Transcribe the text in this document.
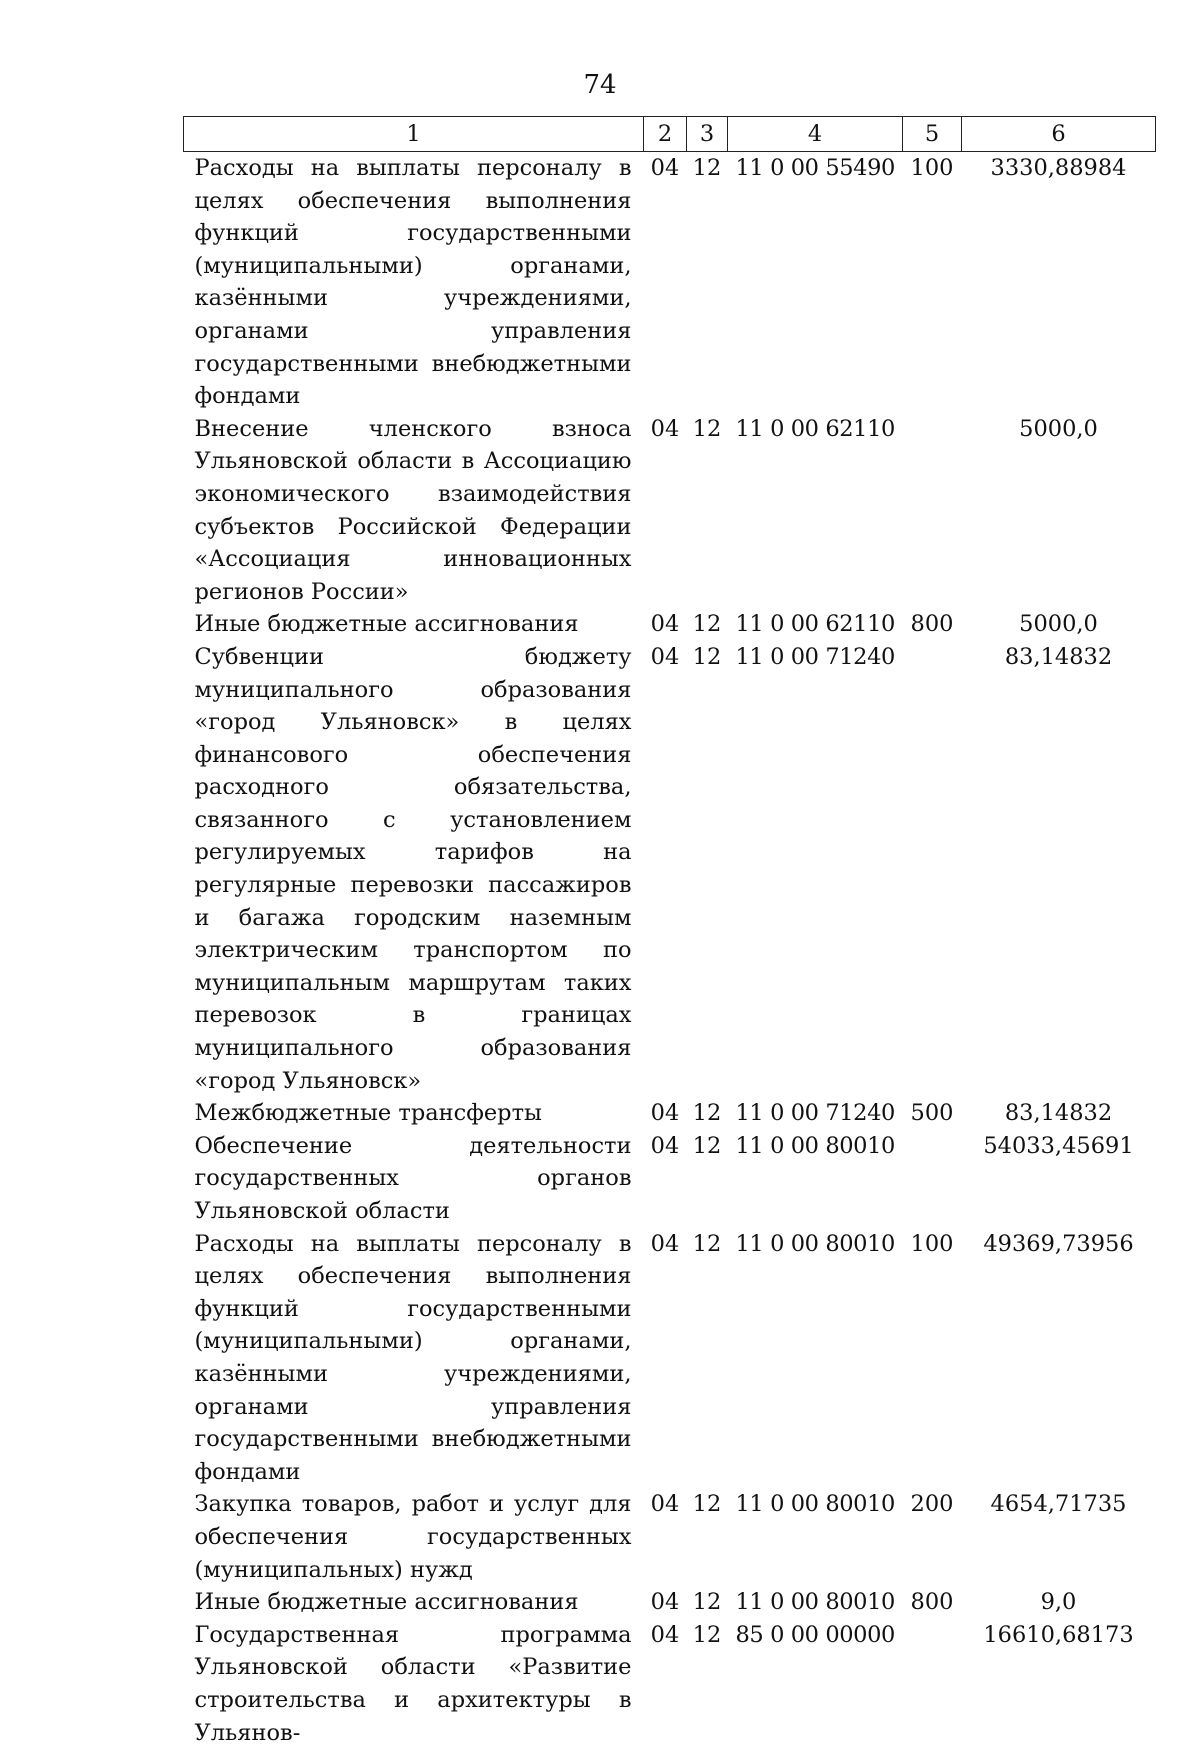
74
1	2	3	4	5	6
Расходы на выплаты персоналу в целях обеспечения выполнения функций государственными (муниципальными) органами, казёнными учреждениями, органами управления государственными внебюджетными фондами	04	12	11 0 00 55490	100	3330,88984
Внесение членского взноса Ульяновской области в Ассоциацию экономического взаимодействия субъектов Российской Федерации «Ассоциация инновационных регионов России»	04	12	11 0 00 62110		5000,0
Иные бюджетные ассигнования	04	12	11 0 00 62110	800	5000,0
Субвенции бюджету муниципального образования «город Ульяновск» в целях финансового обеспечения расходного обязательства, связанного с установлением регулируемых тарифов на регулярные перевозки пассажиров и багажа городским наземным электрическим транспортом по муниципальным маршрутам таких перевозок в границах муниципального образования «город Ульяновск»	04	12	11 0 00 71240		83,14832
Межбюджетные трансферты	04	12	11 0 00 71240	500	83,14832
Обеспечение деятельности государственных органов Ульяновской области	04	12	11 0 00 80010		54033,45691
Расходы на выплаты персоналу в целях обеспечения выполнения функций государственными (муниципальными) органами, казёнными учреждениями, органами управления государственными внебюджетными фондами	04	12	11 0 00 80010	100	49369,73956
Закупка товаров, работ и услуг для обеспечения государственных (муниципальных) нужд	04	12	11 0 00 80010	200	4654,71735
Иные бюджетные ассигнования	04	12	11 0 00 80010	800	9,0
Государственная программа Ульяновской области «Развитие строительства и архитектуры в Ульянов-	04	12	85 0 00 00000		16610,68173
